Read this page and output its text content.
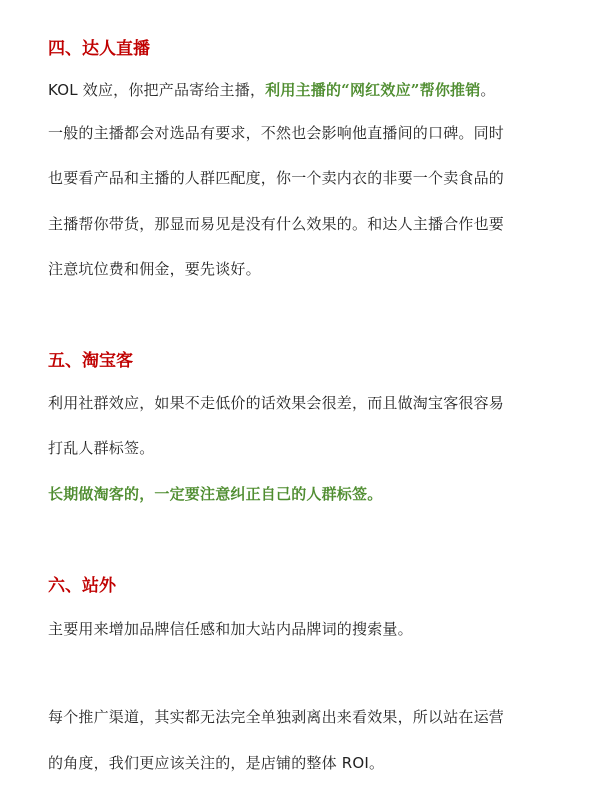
四、达人直播

KOL 效应，你把产品寄给主播，利用主播的“网红效应”帮你推销。

一般的主播都会对选品有要求，不然也会影响他直播间的口碑。同时

也要看产品和主播的人群匹配度，你一个卖内衣的非要一个卖食品的

主播帮你带货，那显而易见是没有什么效果的。和达人主播合作也要

注意坑位费和佣金，要先谈好。

五、淘宝客

利用社群效应，如果不走低价的话效果会很差，而且做淘宝客很容易

打乱人群标签。

长期做淘客的，一定要注意纠正自己的人群标签。

六、站外

主要用来增加品牌信任感和加大站内品牌词的搜索量。

每个推广渠道，其实都无法完全单独剥离出来看效果，所以站在运营

的角度，我们更应该关注的，是店铺的整体 ROI。
